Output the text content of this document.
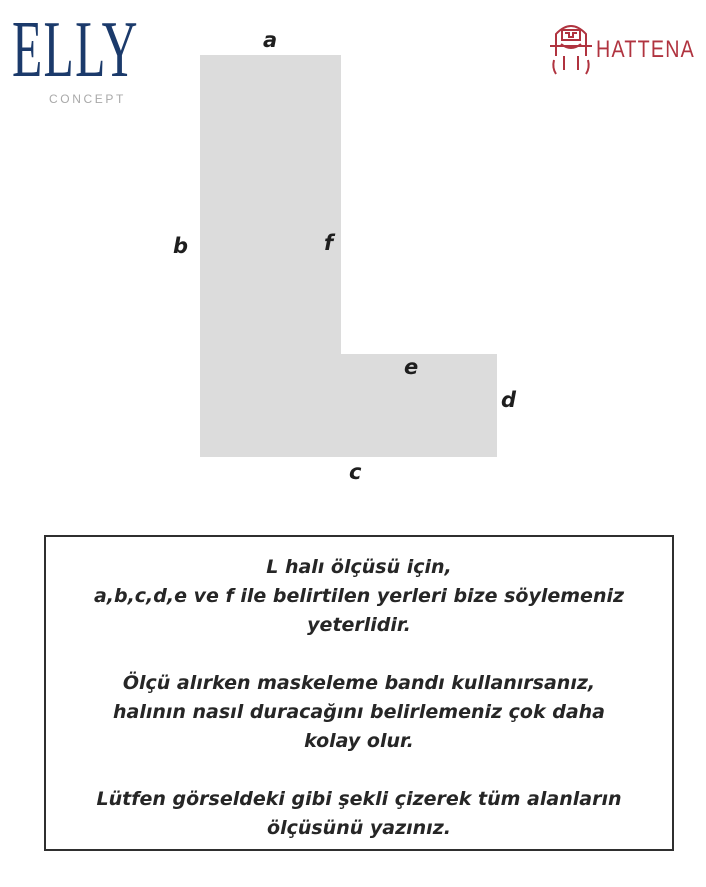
ELLY
CONCEPT
HATTENA
a
b
c
d
e
f

L halı ölçüsü için,
a,b,c,d,e ve f ile belirtilen yerleri bize söylemeniz
yeterlidir.

Ölçü alırken maskeleme bandı kullanırsanız,
halının nasıl duracağını belirlemeniz çok daha
kolay olur.

Lütfen görseldeki gibi şekli çizerek tüm alanların
ölçüsünü yazınız.
